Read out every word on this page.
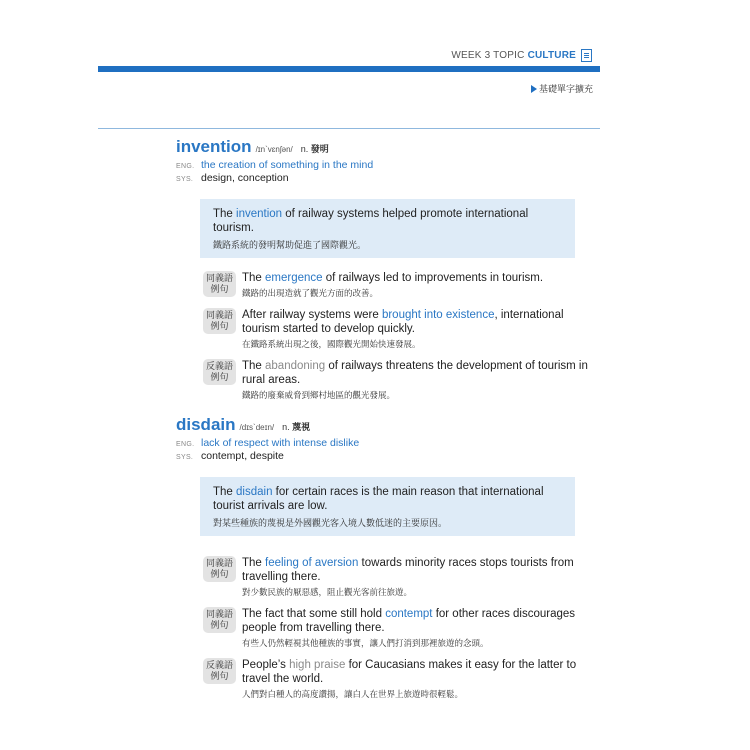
WEEK 3 TOPIC CULTURE
基礎單字擴充
invention /ɪn`vɛnʃən/ n. 發明
ENG. the creation of something in the mind
SYS. design, conception
The invention of railway systems helped promote international tourism.
鐵路系統的發明幫助促進了國際觀光。
同義語
例句
The emergence of railways led to improvements in tourism.
鐵路的出現造就了觀光方面的改善。
同義語
例句
After railway systems were brought into existence, international tourism started to develop quickly.
在鐵路系統出現之後，國際觀光開始快速發展。
反義語
例句
The abandoning of railways threatens the development of tourism in rural areas.
鐵路的廢棄威脅到鄉村地區的觀光發展。
disdain /dɪs`deɪn/ n. 蔑視
ENG. lack of respect with intense dislike
SYS. contempt, despite
The disdain for certain races is the main reason that international tourist arrivals are low.
對某些種族的蔑視是外國觀光客入境人數低迷的主要原因。
同義語
例句
The feeling of aversion towards minority races stops tourists from travelling there.
對少數民族的厭惡感，阻止觀光客前往旅遊。
同義語
例句
The fact that some still hold contempt for other races discourages people from travelling there.
有些人仍然輕視其他種族的事實，讓人們打消到那裡旅遊的念頭。
反義語
例句
People’s high praise for Caucasians makes it easy for the latter to travel the world.
人們對白種人的高度讚揚，讓白人在世界上旅遊時很輕鬆。
